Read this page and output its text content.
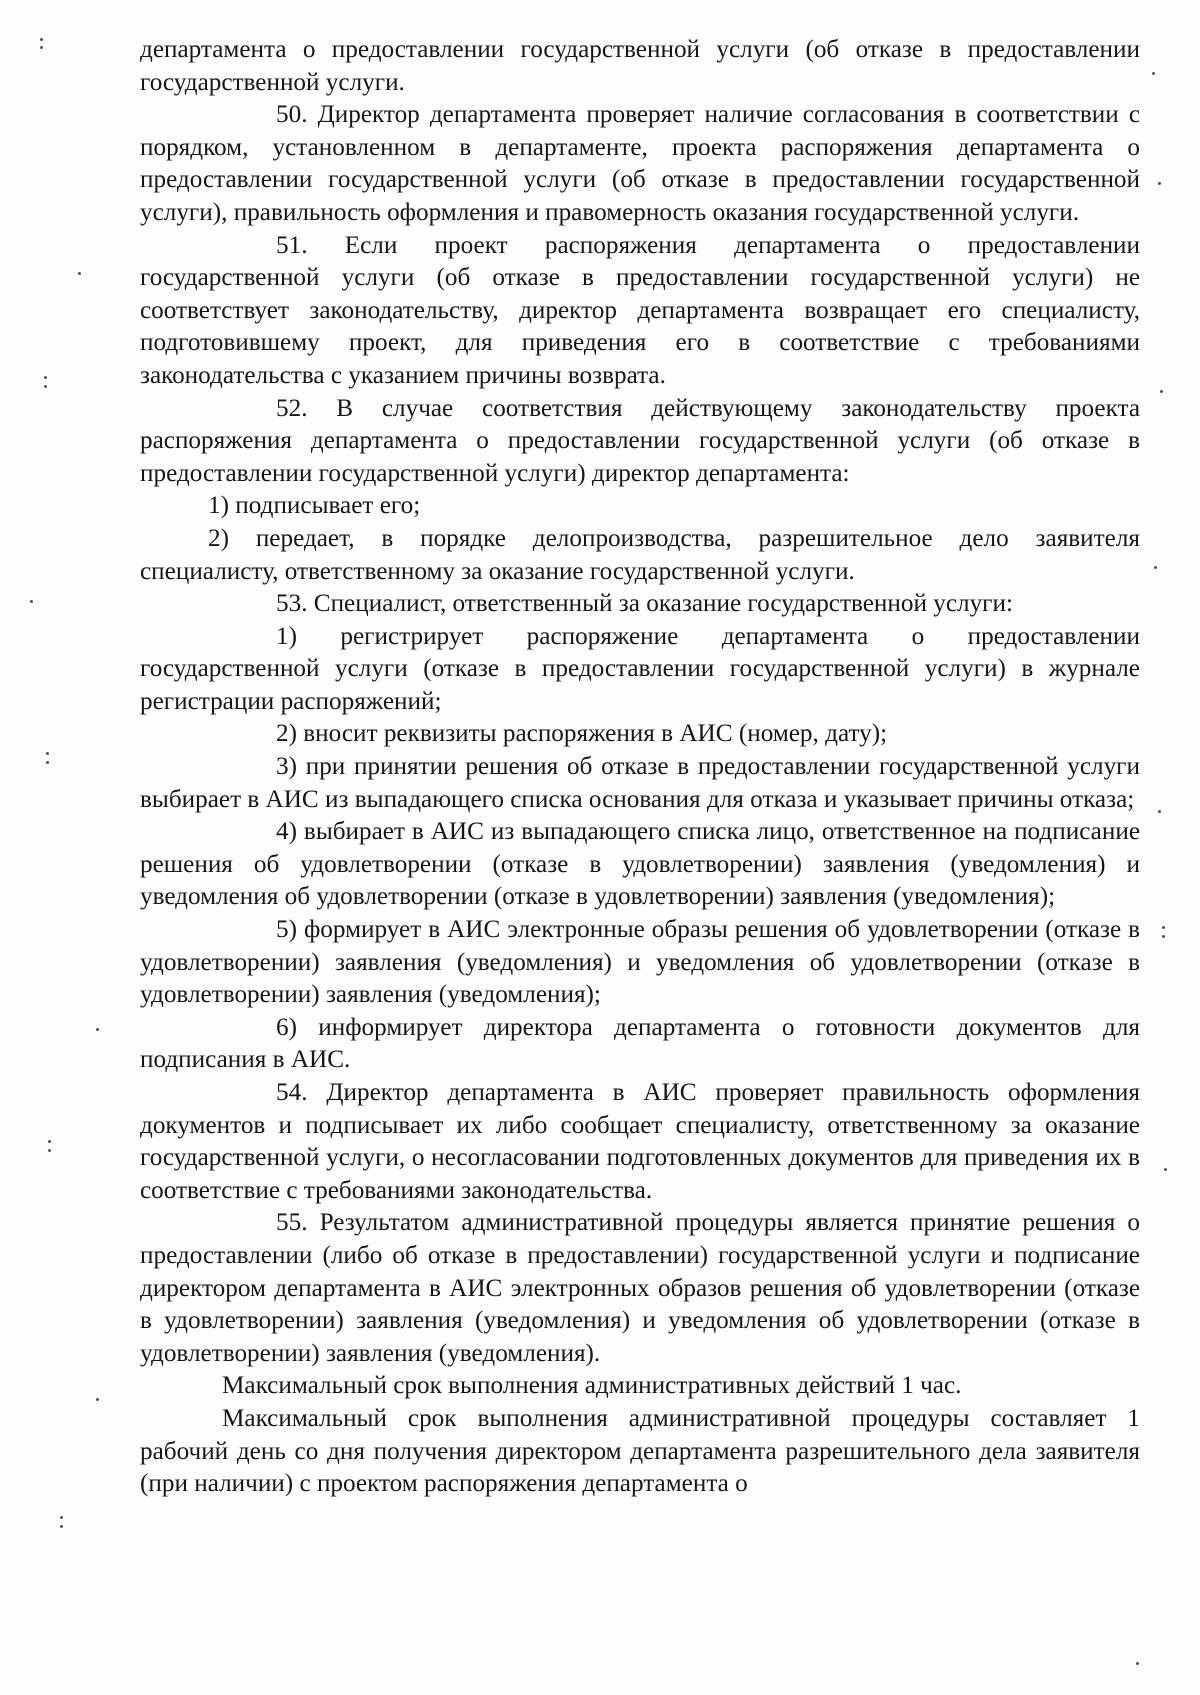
департамента о предоставлении государственной услуги (об отказе в предоставлении государственной услуги.

50. Директор департамента проверяет наличие согласования в соответствии с порядком, установленном в департаменте, проекта распоряжения департамента о предоставлении государственной услуги (об отказе в предоставлении государственной услуги), правильность оформления и правомерность оказания государственной услуги.

51. Если проект распоряжения департамента о предоставлении государственной услуги (об отказе в предоставлении государственной услуги) не соответствует законодательству, директор департамента возвращает его специалисту, подготовившему проект, для приведения его в соответствие с требованиями законодательства с указанием причины возврата.

52. В случае соответствия действующему законодательству проекта распоряжения департамента о предоставлении государственной услуги (об отказе в предоставлении государственной услуги) директор департамента:

1) подписывает его;

2) передает, в порядке делопроизводства, разрешительное дело заявителя специалисту, ответственному за оказание государственной услуги.

53. Специалист, ответственный за оказание государственной услуги:

1) регистрирует распоряжение департамента о предоставлении государственной услуги (отказе в предоставлении государственной услуги) в журнале регистрации распоряжений;

2) вносит реквизиты распоряжения в АИС (номер, дату);

3) при принятии решения об отказе в предоставлении государственной услуги выбирает в АИС из выпадающего списка основания для отказа и указывает причины отказа;

4) выбирает в АИС из выпадающего списка лицо, ответственное на подписание решения об удовлетворении (отказе в удовлетворении) заявления (уведомления) и уведомления об удовлетворении (отказе в удовлетворении) заявления (уведомления);

5) формирует в АИС электронные образы решения об удовлетворении (отказе в удовлетворении) заявления (уведомления) и уведомления об удовлетворении (отказе в удовлетворении) заявления (уведомления);

6) информирует директора департамента о готовности документов для подписания в АИС.

54. Директор департамента в АИС проверяет правильность оформления документов и подписывает их либо сообщает специалисту, ответственному за оказание государственной услуги, о несогласовании подготовленных документов для приведения их в соответствие с требованиями законодательства.

55. Результатом административной процедуры является принятие решения о предоставлении (либо об отказе в предоставлении) государственной услуги и подписание директором департамента в АИС электронных образов решения об удовлетворении (отказе в удовлетворении) заявления (уведомления) и уведомления об удовлетворении (отказе в удовлетворении) заявления (уведомления).

Максимальный срок выполнения административных действий 1 час.

Максимальный срок выполнения административной процедуры составляет 1 рабочий день со дня получения директором департамента разрешительного дела заявителя (при наличии) с проектом распоряжения департамента о
